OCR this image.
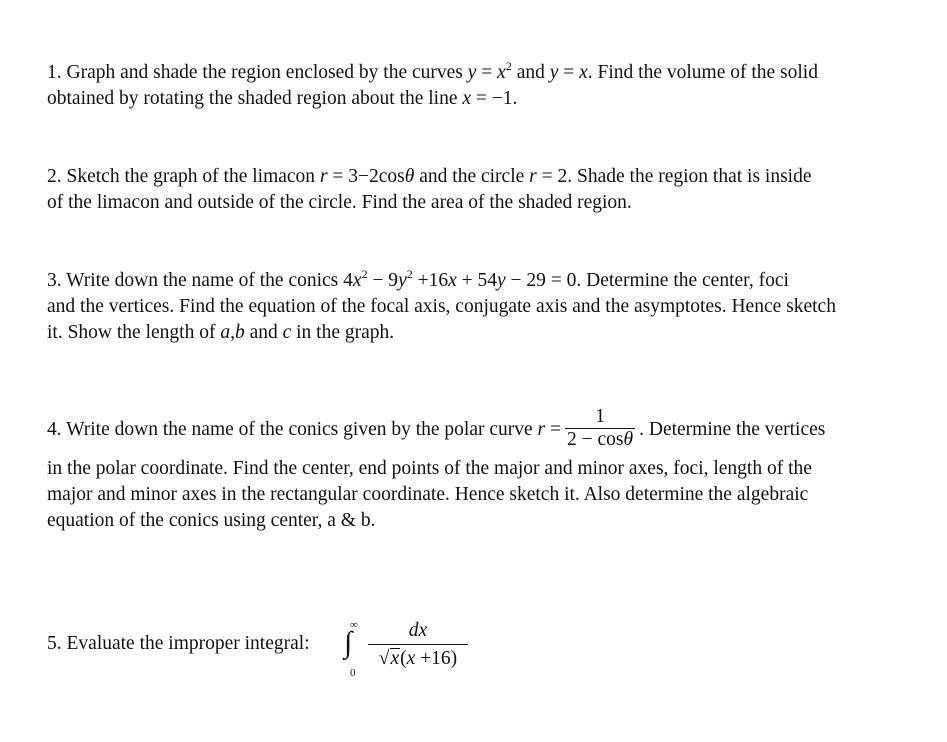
1. Graph and shade the region enclosed by the curves $y = x^2$ and y = x. Find the volume of the solid
obtained by rotating the shaded region about the line x = −1.
2. Sketch the graph of the limacon r = 3−2cosθ and the circle r = 2. Shade the region that is inside
of the limacon and outside of the circle. Find the area of the shaded region.
3. Write down the name of the conics $4x^2 - 9y^2 +16x + 54y - 29 = 0$. Determine the center, foci
and the vertices. Find the equation of the focal axis, conjugate axis and the asymptotes. Hence sketch
it. Show the length of a,b and c in the graph.
4. Write down the name of the conics given by the polar curve $r = \frac{1}{2 - \cos\theta}$ . Determine the vertices
in the polar coordinate. Find the center, end points of the major and minor axes, foci, length of the
major and minor axes in the rectangular coordinate. Hence sketch it. Also determine the algebraic
equation of the conics using center, a & b.
5. Evaluate the improper integral:
∞
∫
$0 \frac{dx}{√x(x +16)}$
